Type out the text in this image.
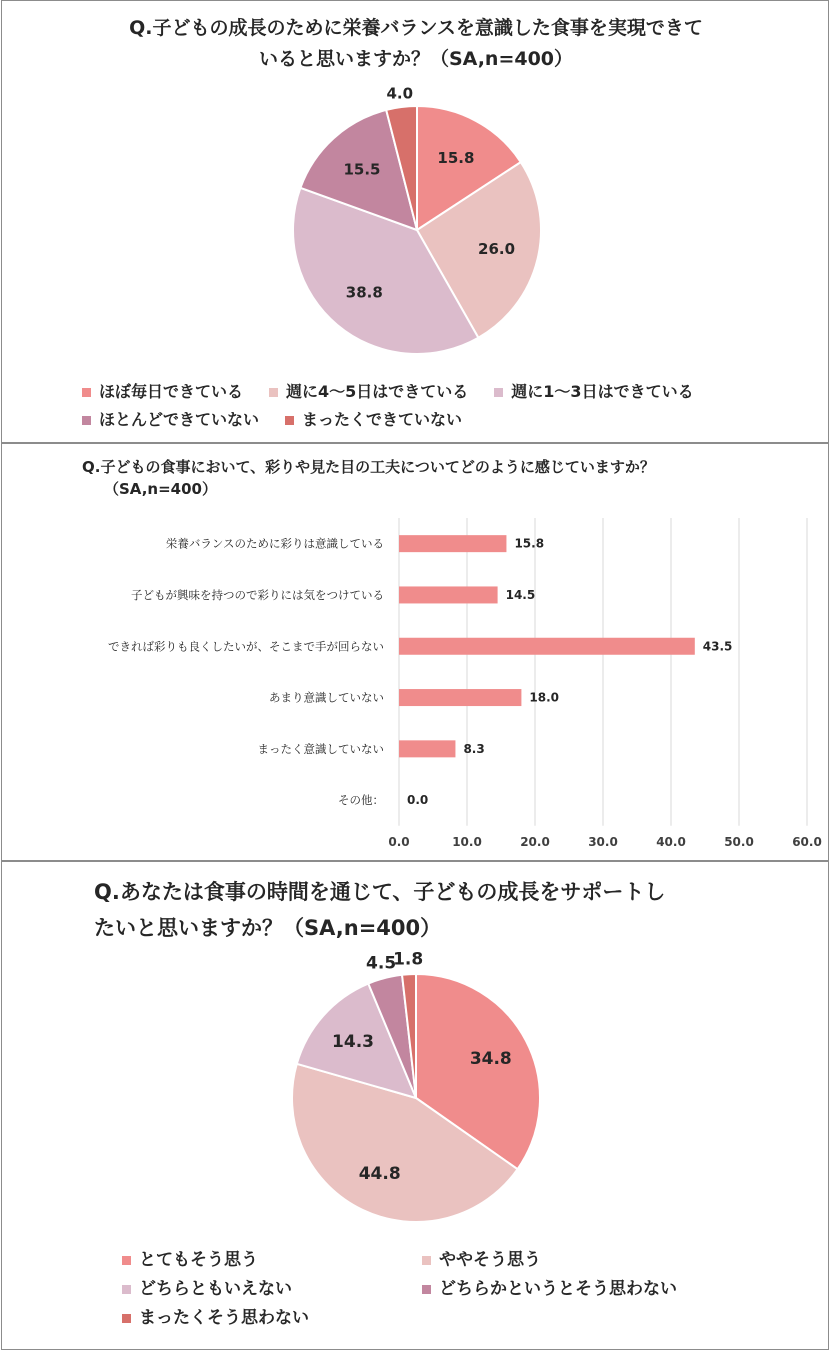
Q.子どもの成長のために栄養バランスを意識した食事を実現できて
いると思いますか？（SA,n=400）
15.8
26.0
38.8
15.5
4.0
ほぼ毎日できている	週に4～5日はできている	週に1～3日はできている
ほとんどできていない	まったくできていない
Q.子どもの食事において、彩りや見た目の工夫についてどのように感じていますか？
（SA,n=400）
0.0	10.0	20.0	30.0	40.0	50.0	60.0
栄養バランスのために彩りは意識している	15.8
子どもが興味を持つので彩りには気をつけている	14.5
できれば彩りも良くしたいが、そこまで手が回らない	43.5
あまり意識していない	18.0
まったく意識していない	8.3
その他： 0.0
Q.あなたは食事の時間を通じて、子どもの成長をサポートし
たいと思いますか？（SA,n=400）
34.8
44.8
14.3
4.5
1.8
とてもそう思う	ややそう思う
どちらともいえない	どちらかというとそう思わない
まったくそう思わない
